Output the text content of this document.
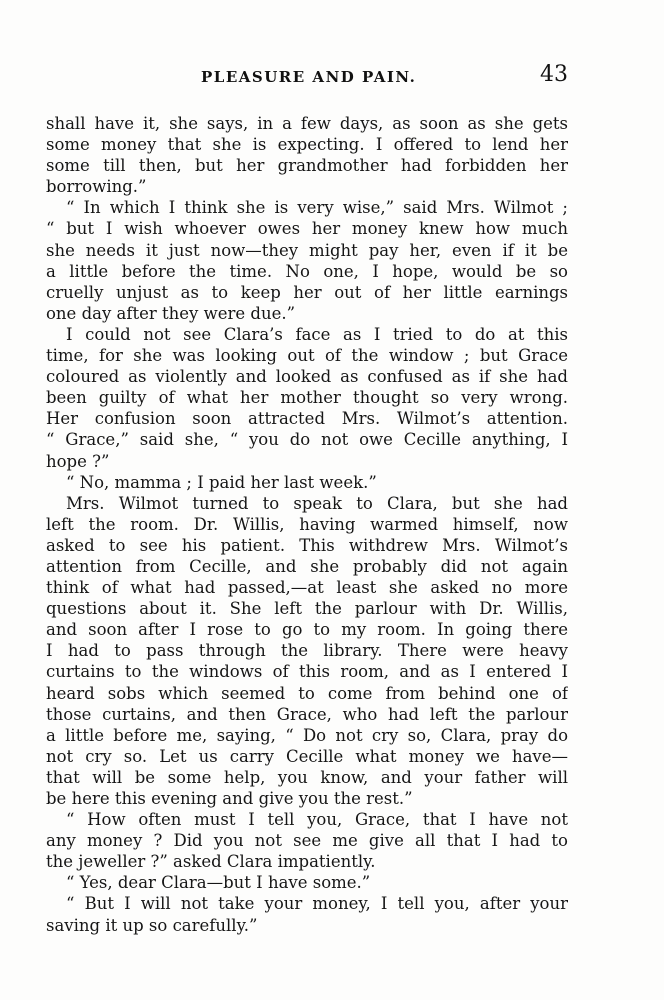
PLEASURE AND PAIN.	43
shall have it, she says, in a few days, as soon as she gets
some money that she is expecting. I offered to lend her
some till then, but her grandmother had forbidden her
borrowing.”
“ In which I think she is very wise,” said Mrs. Wilmot ;
“ but I wish whoever owes her money knew how much
she needs it just now—they might pay her, even if it be
a little before the time. No one, I hope, would be so
cruelly unjust as to keep her out of her little earnings
one day after they were due.”
I could not see Clara’s face as I tried to do at this
time, for she was looking out of the window ; but Grace
coloured as violently and looked as confused as if she had
been guilty of what her mother thought so very wrong.
Her confusion soon attracted Mrs. Wilmot’s attention.
“ Grace,” said she, “ you do not owe Cecille anything, I
hope ?”
“ No, mamma ; I paid her last week.”
Mrs. Wilmot turned to speak to Clara, but she had
left the room. Dr. Willis, having warmed himself, now
asked to see his patient. This withdrew Mrs. Wilmot’s
attention from Cecille, and she probably did not again
think of what had passed,—at least she asked no more
questions about it. She left the parlour with Dr. Willis,
and soon after I rose to go to my room. In going there
I had to pass through the library. There were heavy
curtains to the windows of this room, and as I entered I
heard sobs which seemed to come from behind one of
those curtains, and then Grace, who had left the parlour
a little before me, saying, “ Do not cry so, Clara, pray do
not cry so. Let us carry Cecille what money we have—
that will be some help, you know, and your father will
be here this evening and give you the rest.”
“ How often must I tell you, Grace, that I have not
any money ? Did you not see me give all that I had to
the jeweller ?” asked Clara impatiently.
“ Yes, dear Clara—but I have some.”
“ But I will not take your money, I tell you, after your
saving it up so carefully.”
